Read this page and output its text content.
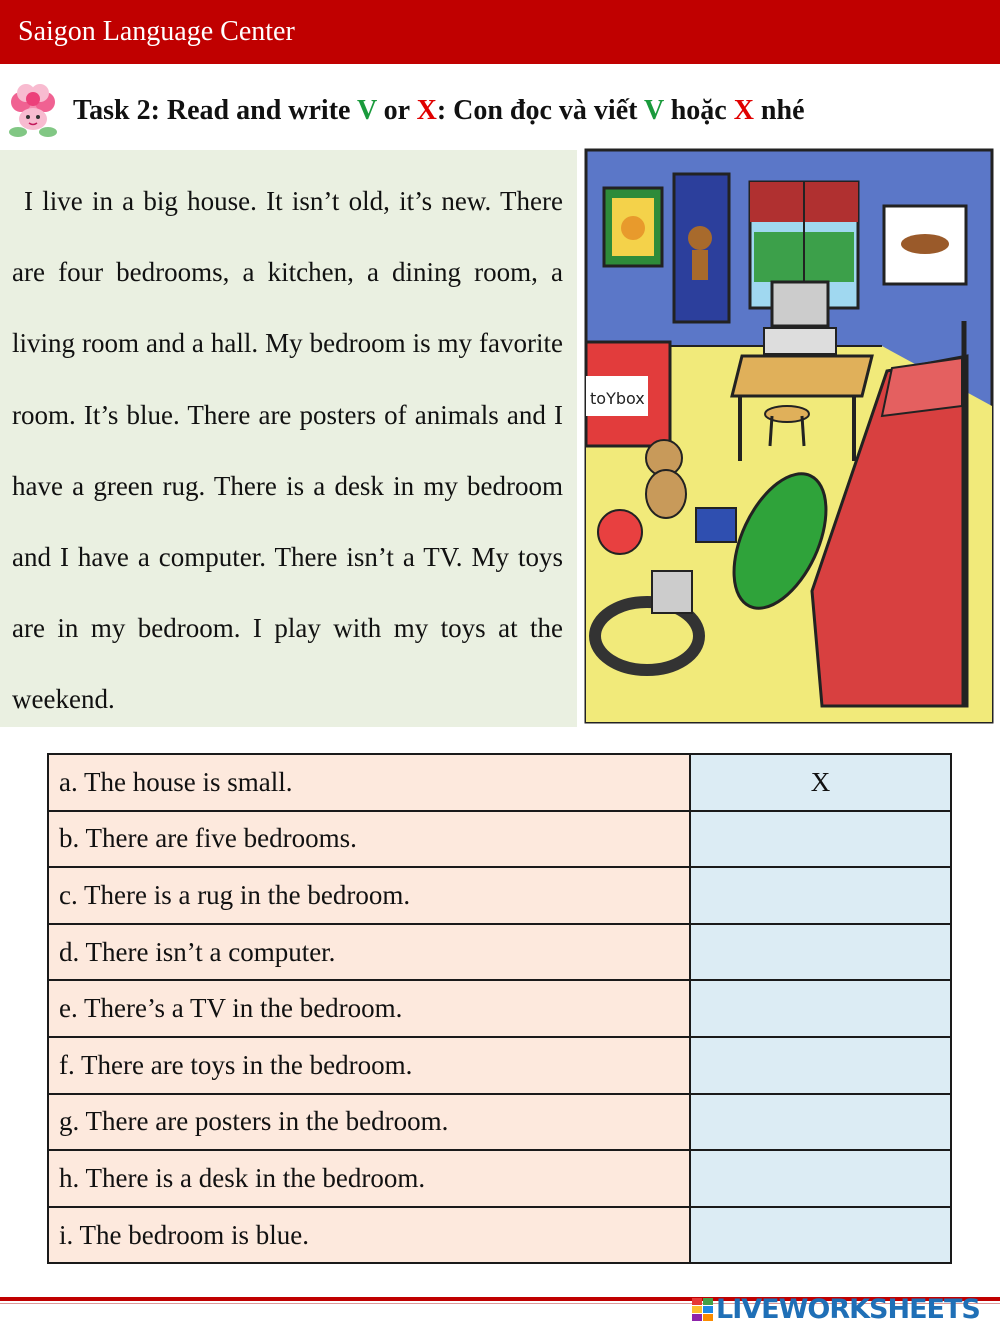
Saigon Language Center
Task 2: Read and write V or X: Con đọc và viết V hoặc X nhé
I live in a big house. It isn’t old, it’s new. There are four bedrooms, a kitchen, a dining room, a living room and a hall. My bedroom is my favorite room. It’s blue. There are posters of animals and I have a green rug. There is a desk in my bedroom and I have a computer. There isn’t a TV. My toys are in my bedroom. I play with my toys at the weekend.
toYbox
a. The house is small.	X
b. There are five bedrooms.	
c. There is a rug in the bedroom.	
d. There isn’t a computer.	
e. There’s a TV in the bedroom.	
f. There are toys in the bedroom.	
g. There are posters in the bedroom.	
h. There is a desk in the bedroom.	
i. The bedroom is blue.	
LIVEWORKSHEETS
